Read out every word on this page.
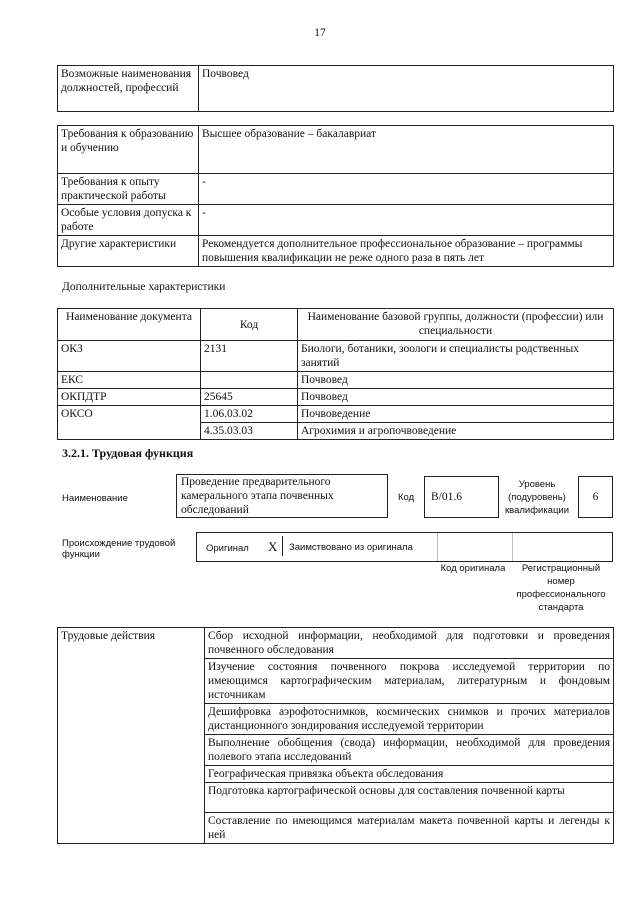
17
Возможные наименования должностей, профессий	Почвовед
Требования к образованию и обучению	Высшее образование – бакалавриат
Требования к опыту практической работы	-
Особые условия допуска к работе	-
Другие характеристики	Рекомендуется дополнительное профессиональное образование – программы повышения квалификации не реже одного раза в пять лет
Дополнительные характеристики
Наименование документа	Код	Наименование базовой группы, должности (профессии) или специальности
ОКЗ	2131	Биологи, ботаники, зоологи и специалисты родственных занятий
ЕКС		Почвовед
ОКПДТР	25645	Почвовед
ОКСО	1.06.03.02	Почвоведение
	4.35.03.03	Агрохимия и агропочвоведение
3.2.1. Трудовая функция
Наименование
Проведение предварительного камерального этапа почвенных обследований
Код	B/01.6
Уровень (подуровень) квалификации
6
Происхождение трудовой функции
Оригинал X Заимствовано из оригинала
Код оригинала	Регистрационный номер профессионального стандарта
Трудовые действия	Сбор исходной информации, необходимой для подготовки и проведения почвенного обследования
Изучение состояния почвенного покрова исследуемой территории по имеющимся картографическим материалам, литературным и фондовым источникам
Дешифровка аэрофотоснимков, космических снимков и прочих материалов дистанционного зондирования исследуемой территории
Выполнение обобщения (свода) информации, необходимой для проведения полевого этапа исследований
Географическая привязка объекта обследования
Подготовка картографической основы для составления почвенной карты
Составление по имеющимся материалам макета почвенной карты и легенды к ней
